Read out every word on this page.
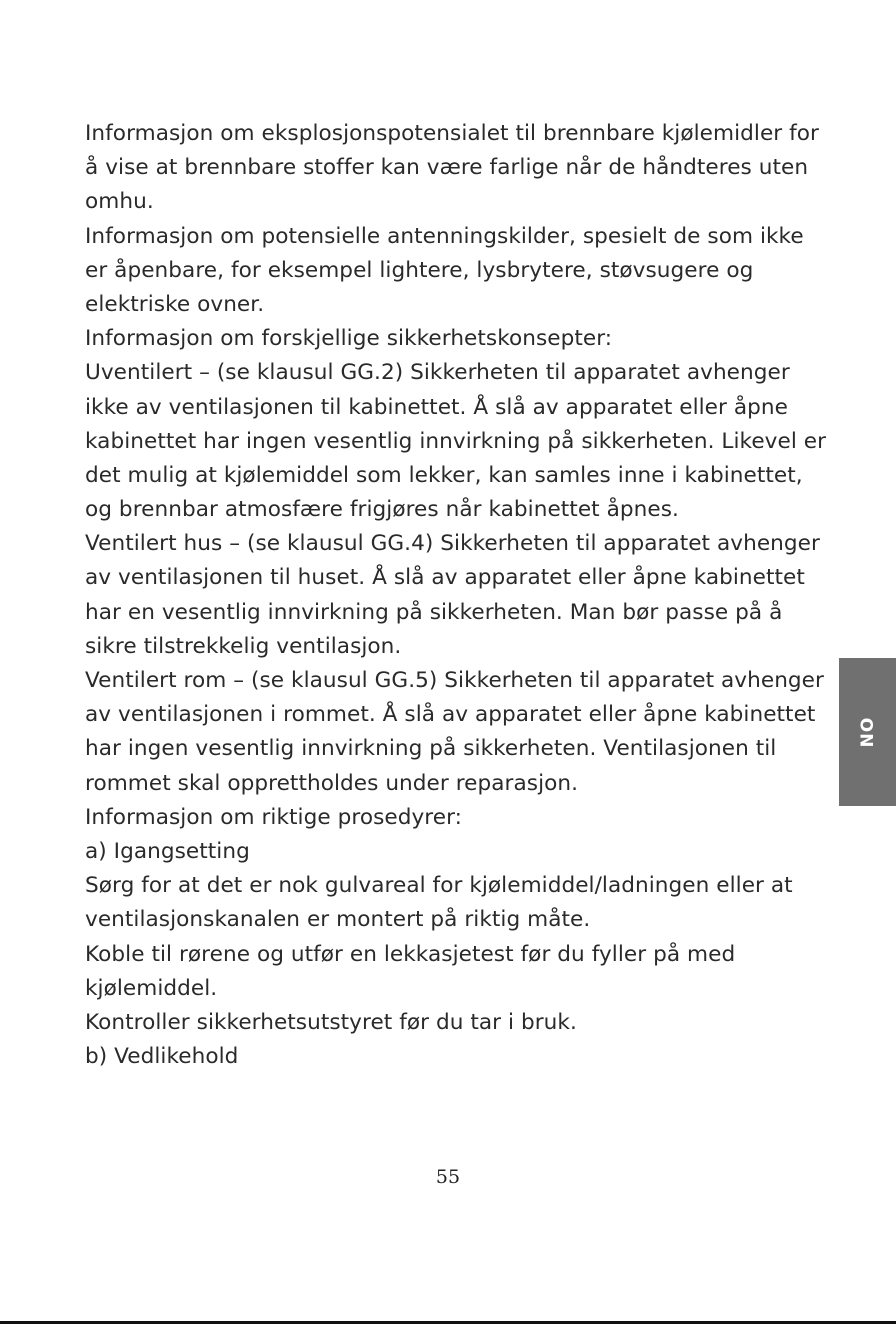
Informasjon om eksplosjonspotensialet til brennbare kjølemidler for
å vise at brennbare stoffer kan være farlige når de håndteres uten
omhu.
Informasjon om potensielle antenningskilder, spesielt de som ikke
er åpenbare, for eksempel lightere, lysbrytere, støvsugere og
elektriske ovner.
Informasjon om forskjellige sikkerhetskonsepter:
Uventilert – (se klausul GG.2) Sikkerheten til apparatet avhenger
ikke av ventilasjonen til kabinettet. Å slå av apparatet eller åpne
kabinettet har ingen vesentlig innvirkning på sikkerheten. Likevel er
det mulig at kjølemiddel som lekker, kan samles inne i kabinettet,
og brennbar atmosfære frigjøres når kabinettet åpnes.
Ventilert hus – (se klausul GG.4) Sikkerheten til apparatet avhenger
av ventilasjonen til huset. Å slå av apparatet eller åpne kabinettet
har en vesentlig innvirkning på sikkerheten. Man bør passe på å
sikre tilstrekkelig ventilasjon.
Ventilert rom – (se klausul GG.5) Sikkerheten til apparatet avhenger
av ventilasjonen i rommet. Å slå av apparatet eller åpne kabinettet
har ingen vesentlig innvirkning på sikkerheten. Ventilasjonen til
rommet skal opprettholdes under reparasjon.
Informasjon om riktige prosedyrer:
a) Igangsetting
Sørg for at det er nok gulvareal for kjølemiddel/ladningen eller at
ventilasjonskanalen er montert på riktig måte.
Koble til rørene og utfør en lekkasjetest før du fyller på med
kjølemiddel.
Kontroller sikkerhetsutstyret før du tar i bruk.
b) Vedlikehold
NO
55
